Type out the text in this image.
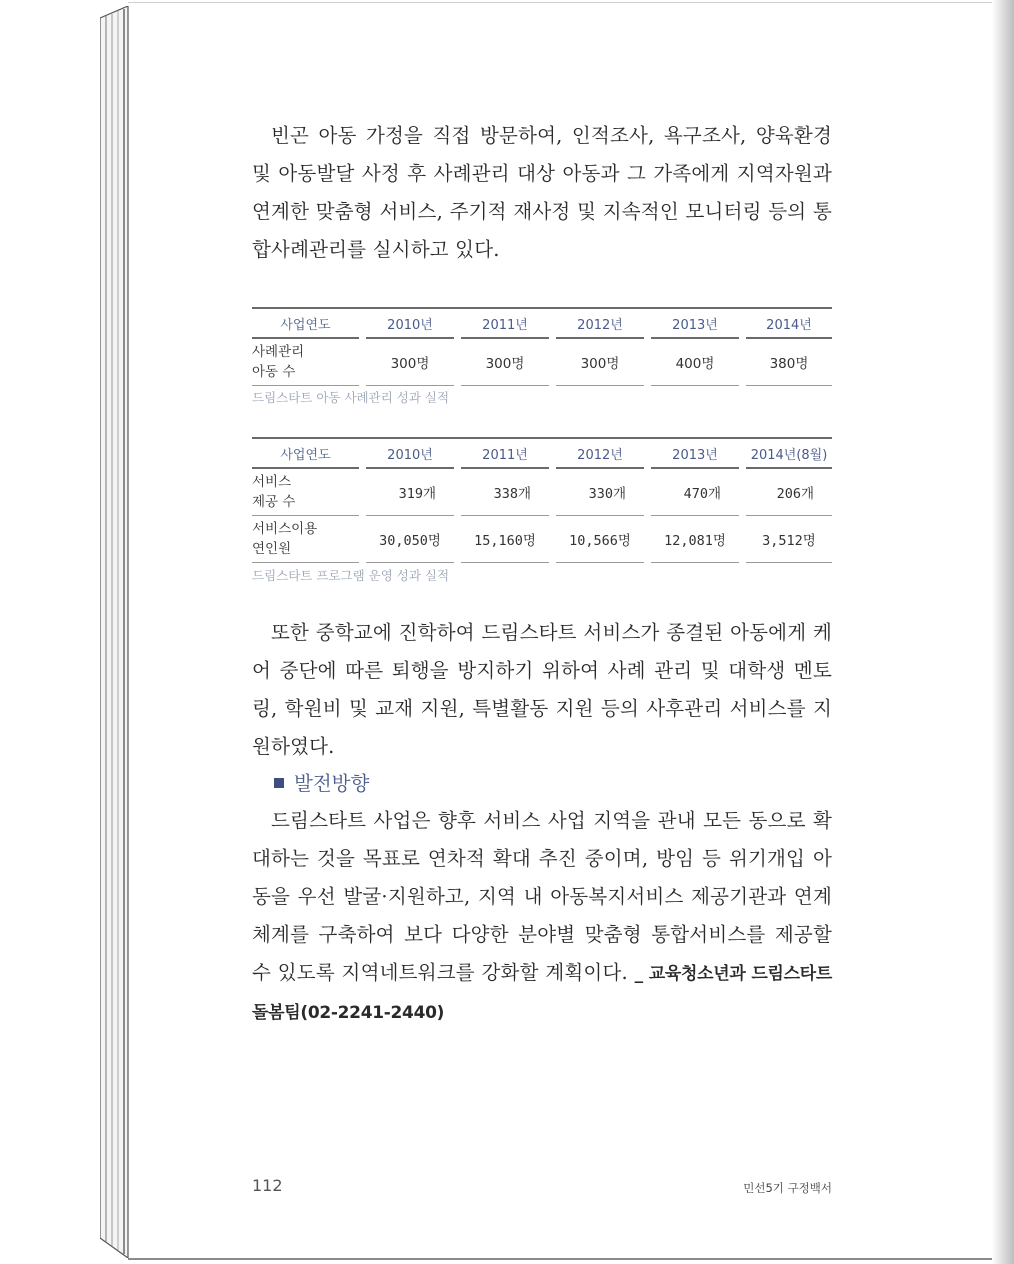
빈곤 아동 가정을 직접 방문하여, 인적조사, 욕구조사, 양육환경 및 아동발달 사정 후 사례관리 대상 아동과 그 가족에게 지역자원과 연계한 맞춤형 서비스, 주기적 재사정 및 지속적인 모니터링 등의 통합사례관리를 실시하고 있다.

사업연도		2010년		2011년		2012년		2013년		2014년
사례관리
아동 수		300명		300명		300명		400명		380명
드림스타트 아동 사례관리 성과 실적
사업연도		2010년		2011년		2012년		2013년		2014년(8월)
서비스
제공 수		319개		338개		330개		470개		206개
서비스이용
연인원		30,050명		15,160명		10,566명		12,081명		3,512명
드림스타트 프로그램 운영 성과 실적

또한 중학교에 진학하여 드림스타트 서비스가 종결된 아동에게 케어 중단에 따른 퇴행을 방지하기 위하여 사례 관리 및 대학생 멘토링, 학원비 및 교재 지원, 특별활동 지원 등의 사후관리 서비스를 지원하였다.

발전방향

드림스타트 사업은 향후 서비스 사업 지역을 관내 모든 동으로 확대하는 것을 목표로 연차적 확대 추진 중이며, 방임 등 위기개입 아동을 우선 발굴·지원하고, 지역 내 아동복지서비스 제공기관과 연계체계를 구축하여 보다 다양한 분야별 맞춤형 통합서비스를 제공할 수 있도록 지역네트워크를 강화할 계획이다. _ 교육청소년과 드림스타트돌봄팀(02-2241-2440)

112	민선5기 구정백서
